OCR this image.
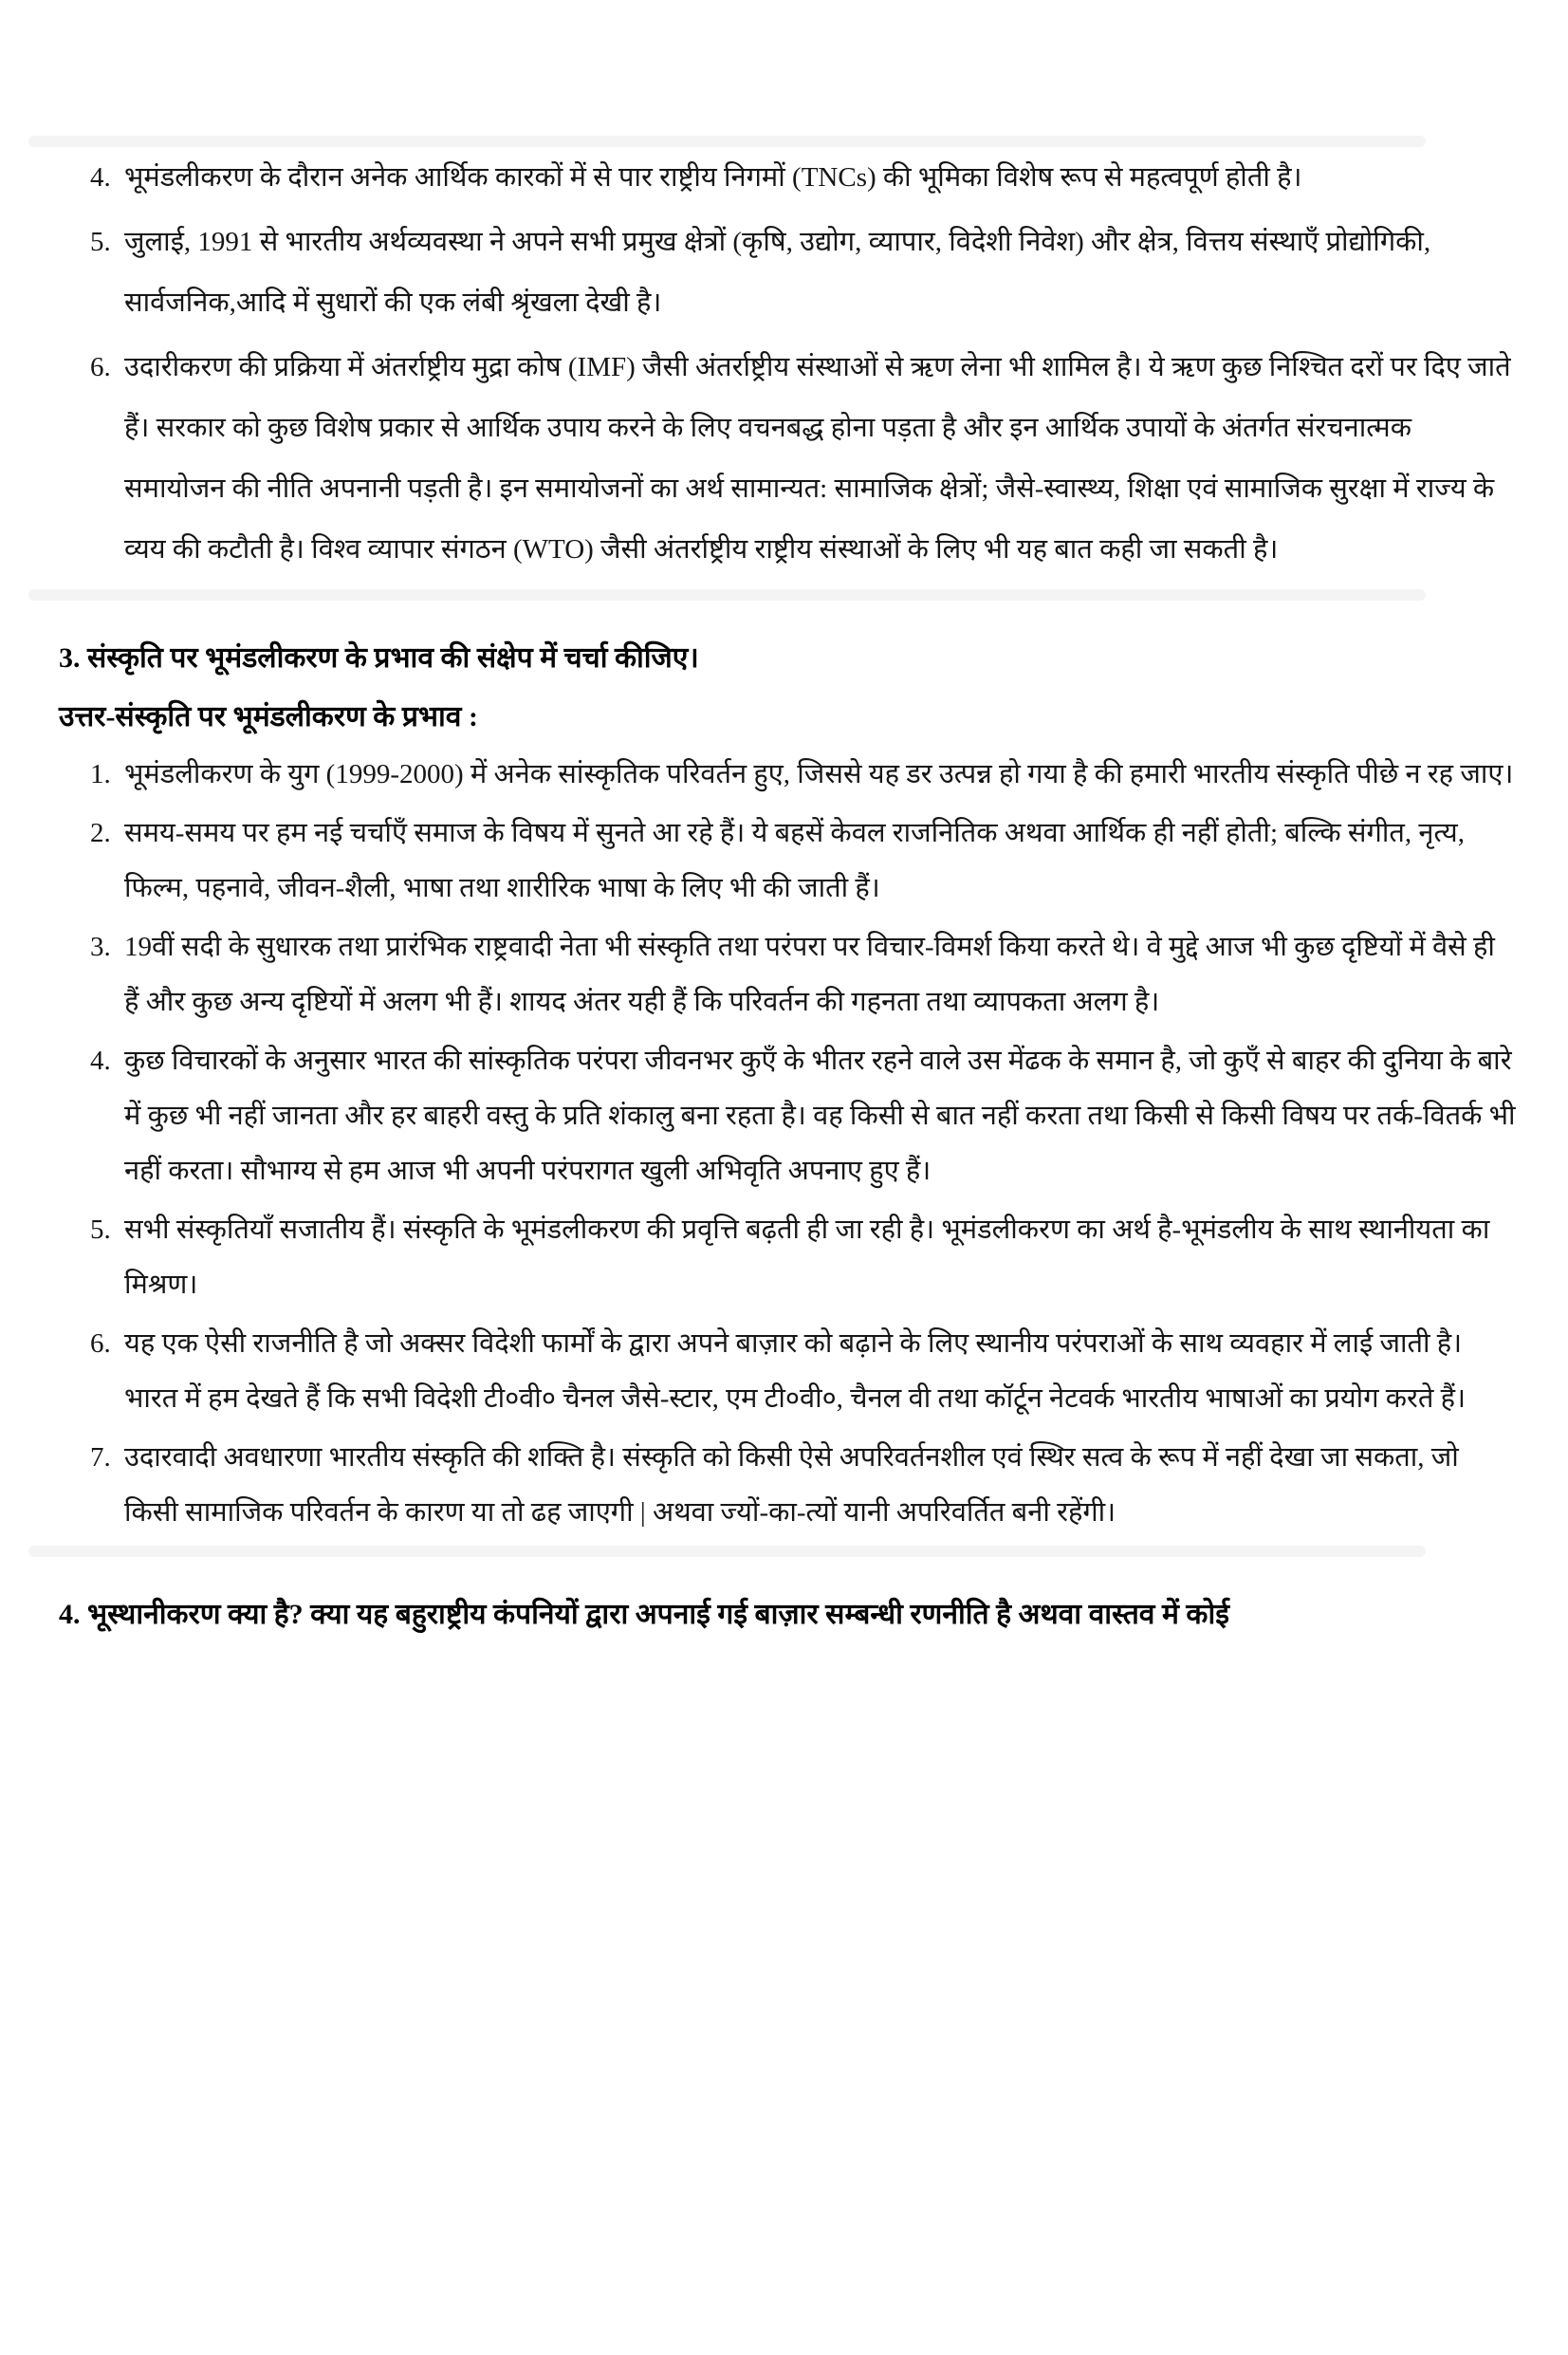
4. भूमंडलीकरण के दौरान अनेक आर्थिक कारकों में से पार राष्ट्रीय निगमों (TNCs) की भूमिका विशेष रूप से महत्वपूर्ण होती है।
5. जुलाई, 1991 से भारतीय अर्थव्यवस्था ने अपने सभी प्रमुख क्षेत्रों (कृषि, उद्योग, व्यापार, विदेशी निवेश) और क्षेत्र, वित्तय संस्थाएँ प्रोद्योगिकी, सार्वजनिक,आदि में सुधारों की एक लंबी श्रृंखला देखी है।
6. उदारीकरण की प्रक्रिया में अंतर्राष्ट्रीय मुद्रा कोष (IMF) जैसी अंतर्राष्ट्रीय संस्थाओं से ऋण लेना भी शामिल है। ये ऋण कुछ निश्चित दरों पर दिए जाते हैं। सरकार को कुछ विशेष प्रकार से आर्थिक उपाय करने के लिए वचनबद्ध होना पड़ता है और इन आर्थिक उपायों के अंतर्गत संरचनात्मक समायोजन की नीति अपनानी पड़ती है। इन समायोजनों का अर्थ सामान्यत: सामाजिक क्षेत्रों; जैसे-स्वास्थ्य, शिक्षा एवं सामाजिक सुरक्षा में राज्य के व्यय की कटौती है। विश्व व्यापार संगठन (WTO) जैसी अंतर्राष्ट्रीय राष्ट्रीय संस्थाओं के लिए भी यह बात कही जा सकती है।
3. संस्कृति पर भूमंडलीकरण के प्रभाव की संक्षेप में चर्चा कीजिए।
उत्तर-संस्कृति पर भूमंडलीकरण के प्रभाव :
1. भूमंडलीकरण के युग (1999-2000) में अनेक सांस्कृतिक परिवर्तन हुए, जिससे यह डर उत्पन्न हो गया है की हमारी भारतीय संस्कृति पीछे न रह जाए।
2. समय-समय पर हम नई चर्चाएँ समाज के विषय में सुनते आ रहे हैं। ये बहसें केवल राजनितिक अथवा आर्थिक ही नहीं होती; बल्कि संगीत, नृत्य, फिल्म, पहनावे, जीवन-शैली, भाषा तथा शारीरिक भाषा के लिए भी की जाती हैं।
3. 19वीं सदी के सुधारक तथा प्रारंभिक राष्ट्रवादी नेता भी संस्कृति तथा परंपरा पर विचार-विमर्श किया करते थे। वे मुद्दे आज भी कुछ दृष्टियों में वैसे ही हैं और कुछ अन्य दृष्टियों में अलग भी हैं। शायद अंतर यही हैं कि परिवर्तन की गहनता तथा व्यापकता अलग है।
4. कुछ विचारकों के अनुसार भारत की सांस्कृतिक परंपरा जीवनभर कुएँ के भीतर रहने वाले उस मेंढक के समान है, जो कुएँ से बाहर की दुनिया के बारे में कुछ भी नहीं जानता और हर बाहरी वस्तु के प्रति शंकालु बना रहता है। वह किसी से बात नहीं करता तथा किसी से किसी विषय पर तर्क-वितर्क भी नहीं करता। सौभाग्य से हम आज भी अपनी परंपरागत खुली अभिवृति अपनाए हुए हैं।
5. सभी संस्कृतियाँ सजातीय हैं। संस्कृति के भूमंडलीकरण की प्रवृत्ति बढ़ती ही जा रही है। भूमंडलीकरण का अर्थ है-भूमंडलीय के साथ स्थानीयता का मिश्रण।
6. यह एक ऐसी राजनीति है जो अक्सर विदेशी फार्मों के द्वारा अपने बाज़ार को बढ़ाने के लिए स्थानीय परंपराओं के साथ व्यवहार में लाई जाती है। भारत में हम देखते हैं कि सभी विदेशी टी०वी० चैनल जैसे-स्टार, एम टी०वी०, चैनल वी तथा कॉर्टून नेटवर्क भारतीय भाषाओं का प्रयोग करते हैं।
7. उदारवादी अवधारणा भारतीय संस्कृति की शक्ति है। संस्कृति को किसी ऐसे अपरिवर्तनशील एवं स्थिर सत्व के रूप में नहीं देखा जा सकता, जो किसी सामाजिक परिवर्तन के कारण या तो ढह जाएगी | अथवा ज्यों-का-त्यों यानी अपरिवर्तित बनी रहेंगी।
4. भूस्थानीकरण क्या है? क्या यह बहुराष्ट्रीय कंपनियों द्वारा अपनाई गई बाज़ार सम्बन्धी रणनीति है अथवा वास्तव में कोई
